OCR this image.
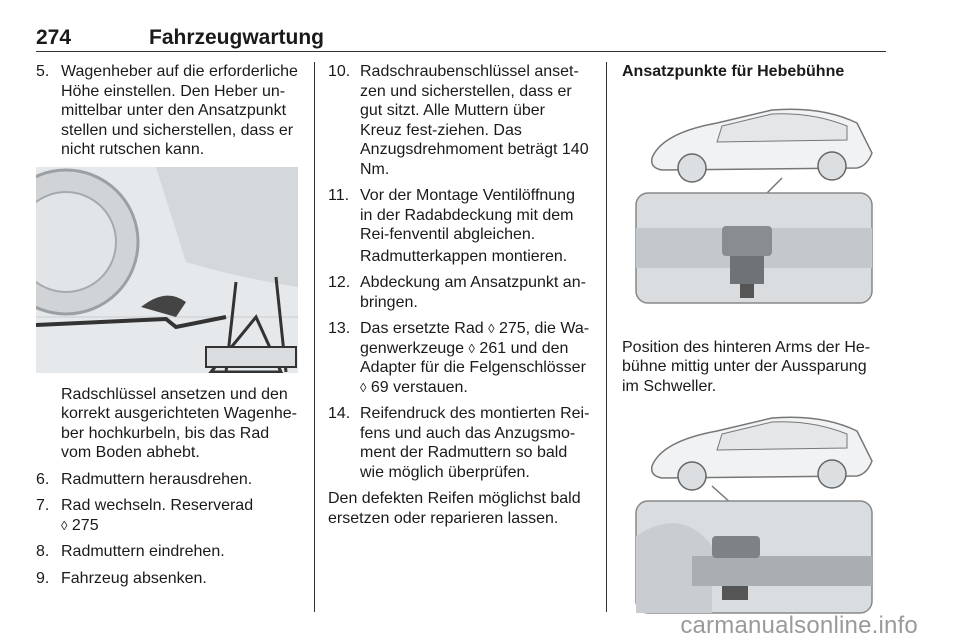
274	Fahrzeugwartung
5. Wagenheber auf die erforderliche Höhe einstellen. Den Heber un-mittelbar unter den Ansatzpunkt stellen und sicherstellen, dass er nicht rutschen kann.
Radschlüssel ansetzen und den korrekt ausgerichteten Wagenhe-ber hochkurbeln, bis das Rad vom Boden abhebt.
6. Radmuttern herausdrehen.
7. Rad wechseln. Reserverad
◊ 275
8. Radmuttern eindrehen.
9. Fahrzeug absenken.
10. Radschraubenschlüssel anset-zen und sicherstellen, dass er gut sitzt. Alle Muttern über Kreuz fest-ziehen. Das Anzugsdrehmoment beträgt 140 Nm.
11. Vor der Montage Ventilöffnung in der Radabdeckung mit dem Rei-fenventil abgleichen.
Radmutterkappen montieren.
12. Abdeckung am Ansatzpunkt an-bringen.
13. Das ersetzte Rad ◊ 275, die Wa-genwerkzeuge ◊ 261 und den Adapter für die Felgenschlösser
◊ 69 verstauen.
14. Reifendruck des montierten Rei-fens und auch das Anzugsmo-ment der Radmuttern so bald wie möglich überprüfen.
Den defekten Reifen möglichst bald ersetzen oder reparieren lassen.
Ansatzpunkte für Hebebühne
Position des hinteren Arms der He-bühne mittig unter der Aussparung im Schweller.
carmanualsonline.info
